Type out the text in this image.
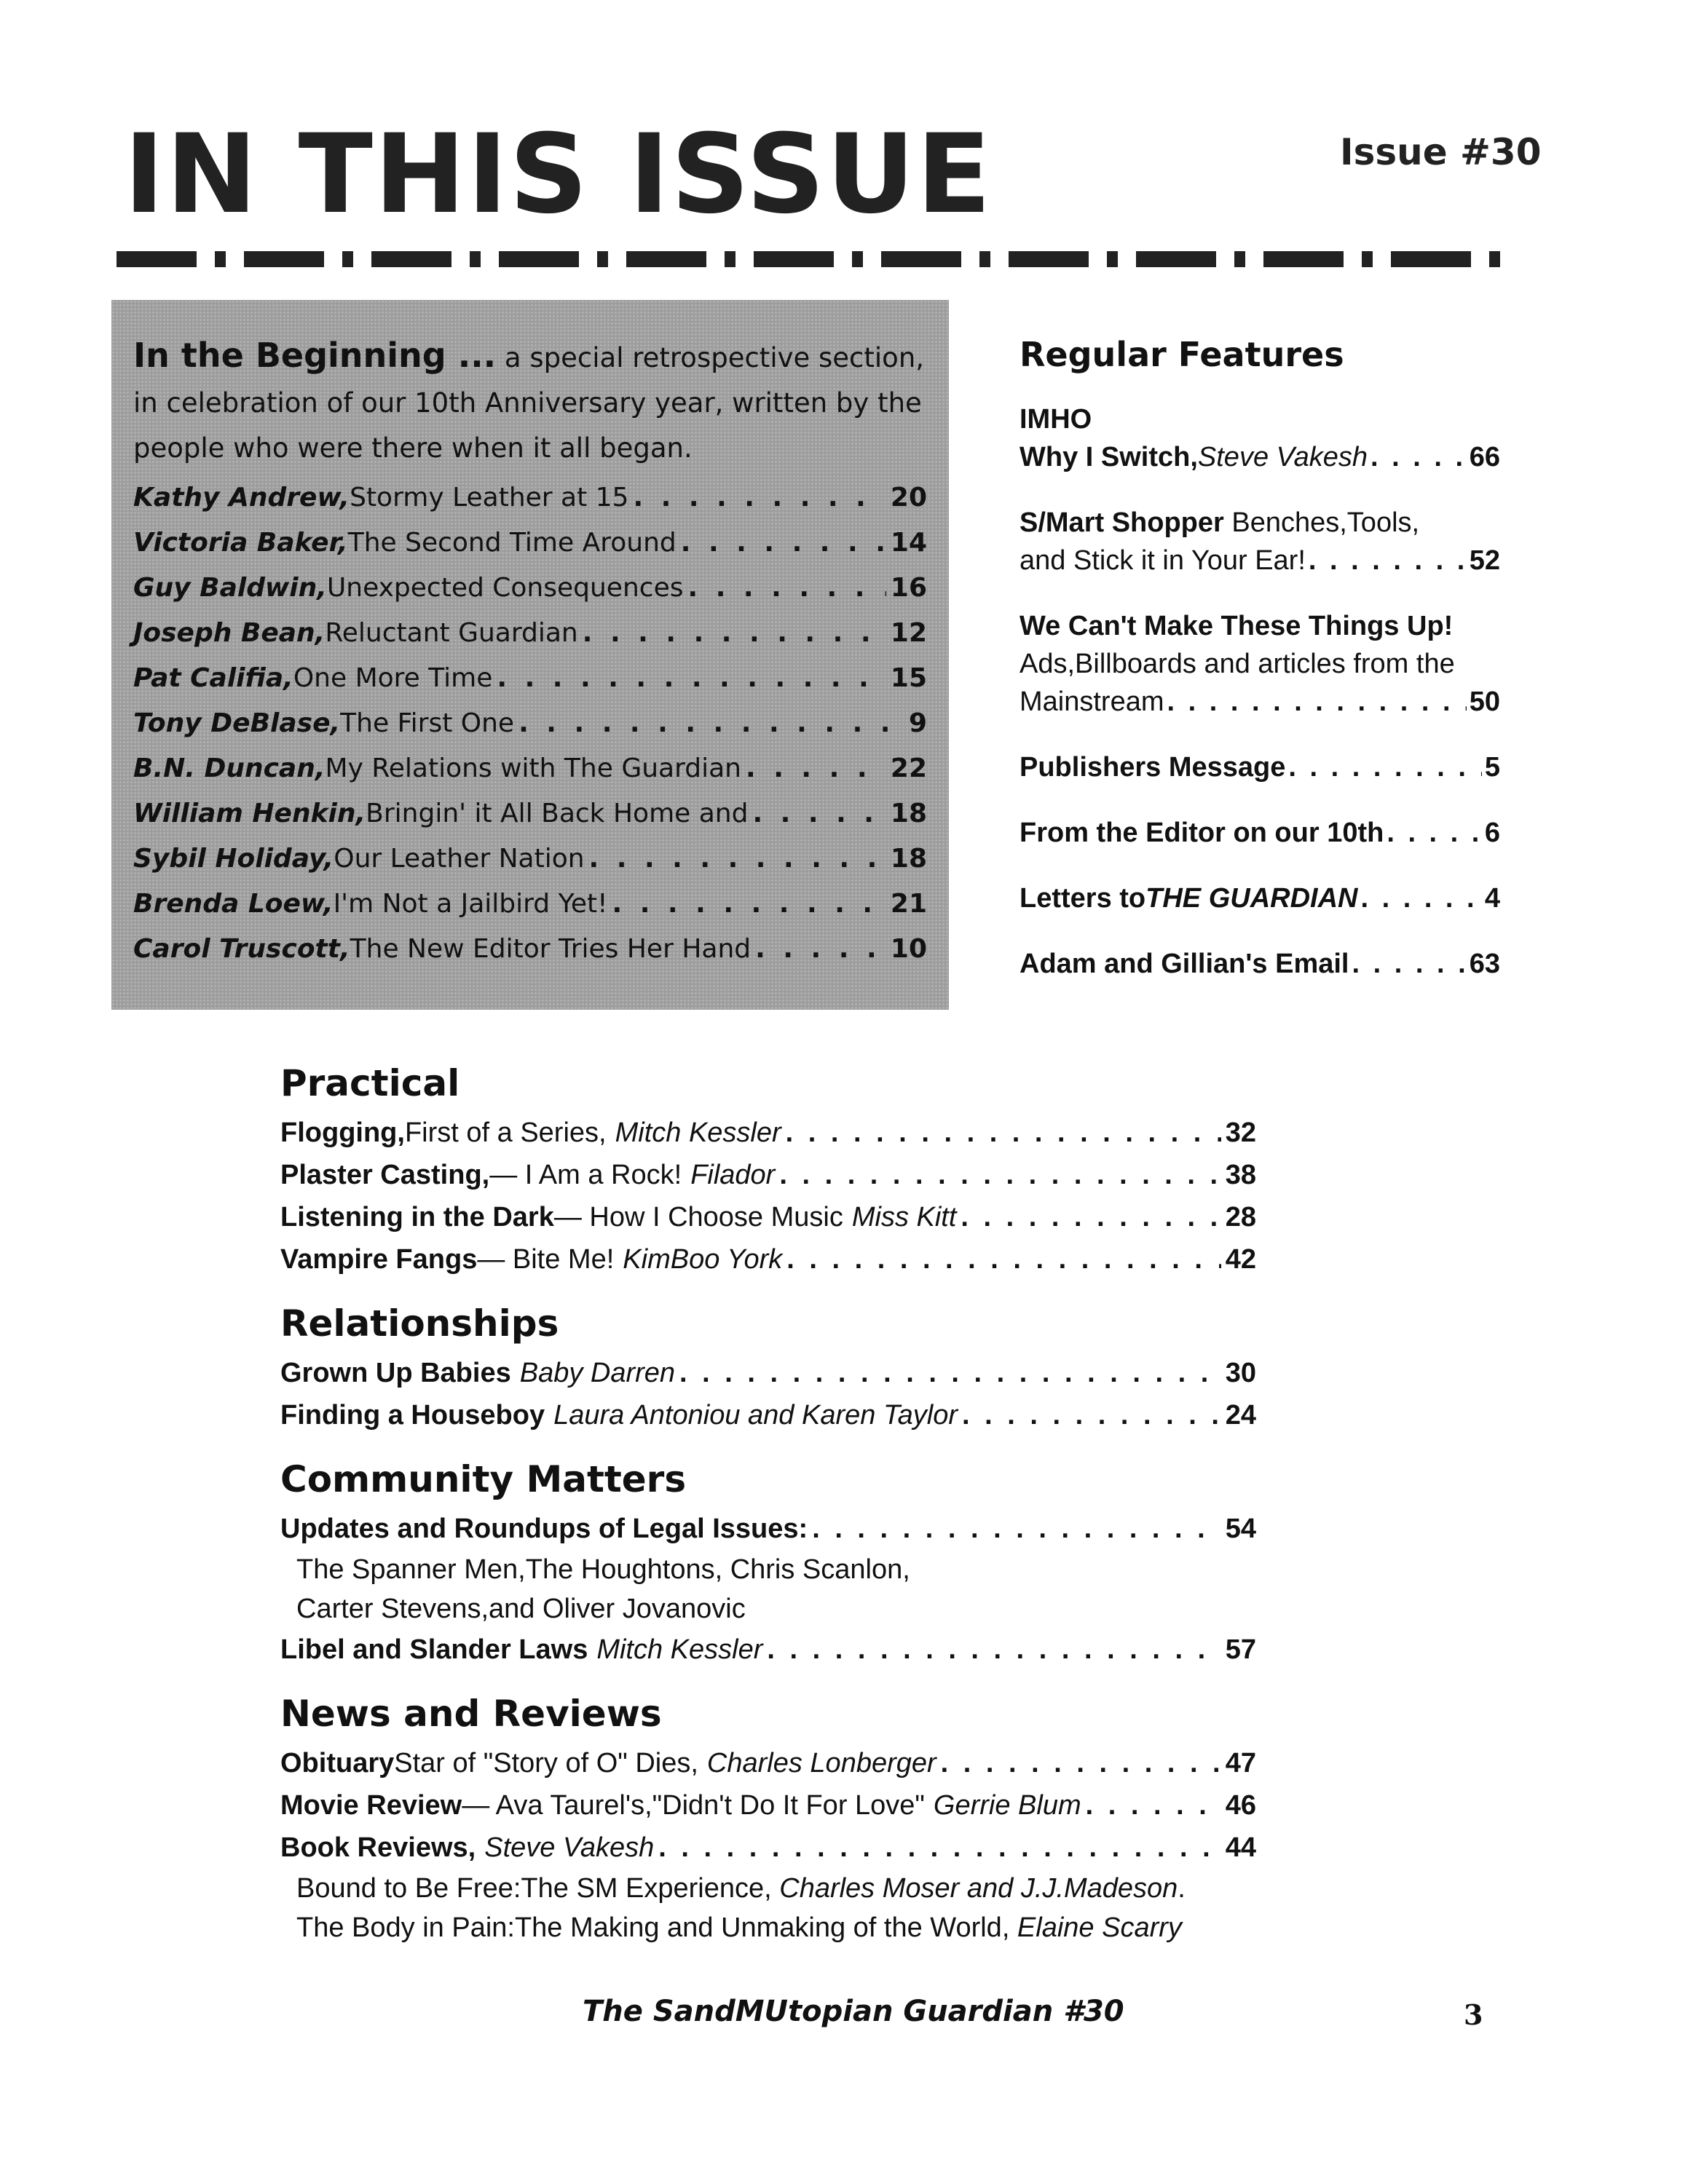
IN THIS ISSUE	Issue #30

In the Beginning ... a special retrospective section, in celebration of our 10th Anniversary year, written by the people who were there when it all began.

Kathy Andrew, Stormy Leather at 15 . . .	20
Victoria Baker, The Second Time Around . . .	14
Guy Baldwin, Unexpected Consequences . . .	16
Joseph Bean, Reluctant Guardian . . .	12
Pat Califia, One More Time . . .	15
Tony DeBlase, The First One . . .	9
B.N. Duncan, My Relations with The Guardian . . .	22
William Henkin, Bringin' it All Back Home and . . .	18
Sybil Holiday, Our Leather Nation . . .	18
Brenda Loew, I'm Not a Jailbird Yet! . . .	21
Carol Truscott, The New Editor Tries Her Hand . . .	10
Regular Features
IMHO
Why I Switch, Steve Vakesh . . .	66
S/Mart Shopper Benches,Tools,
and Stick it in Your Ear! . . .	52
We Can't Make These Things Up!
Ads,Billboards and articles from the
Mainstream . . .	50
Publishers Message . . .	5
From the Editor on our 10th . . .	6
Letters to THE GUARDIAN . . .	4
Adam and Gillian's Email . . .	63
Practical
Flogging, First of a Series, Mitch Kessler . . .	32
Plaster Casting, — I Am a Rock! Filador . . .	38
Listening in the Dark — How I Choose Music Miss Kitt . . .	28
Vampire Fangs — Bite Me! KimBoo York . . .	42
Relationships
Grown Up Babies Baby Darren . . .	30
Finding a Houseboy Laura Antoniou and Karen Taylor . . .	24
Community Matters
Updates and Roundups of Legal Issues: . . .	54
The Spanner Men,The Houghtons, Chris Scanlon,
Carter Stevens,and Oliver Jovanovic
Libel and Slander Laws Mitch Kessler . . .	57
News and Reviews
Obituary Star of "Story of O" Dies, Charles Lonberger . . .	47
Movie Review — Ava Taurel's,"Didn't Do It For Love" Gerrie Blum . . .	46
Book Reviews, Steve Vakesh . . .	44
Bound to Be Free:The SM Experience, Charles Moser and J.J.Madeson.
The Body in Pain:The Making and Unmaking of the World, Elaine Scarry
The SandMUtopian Guardian #30	3
